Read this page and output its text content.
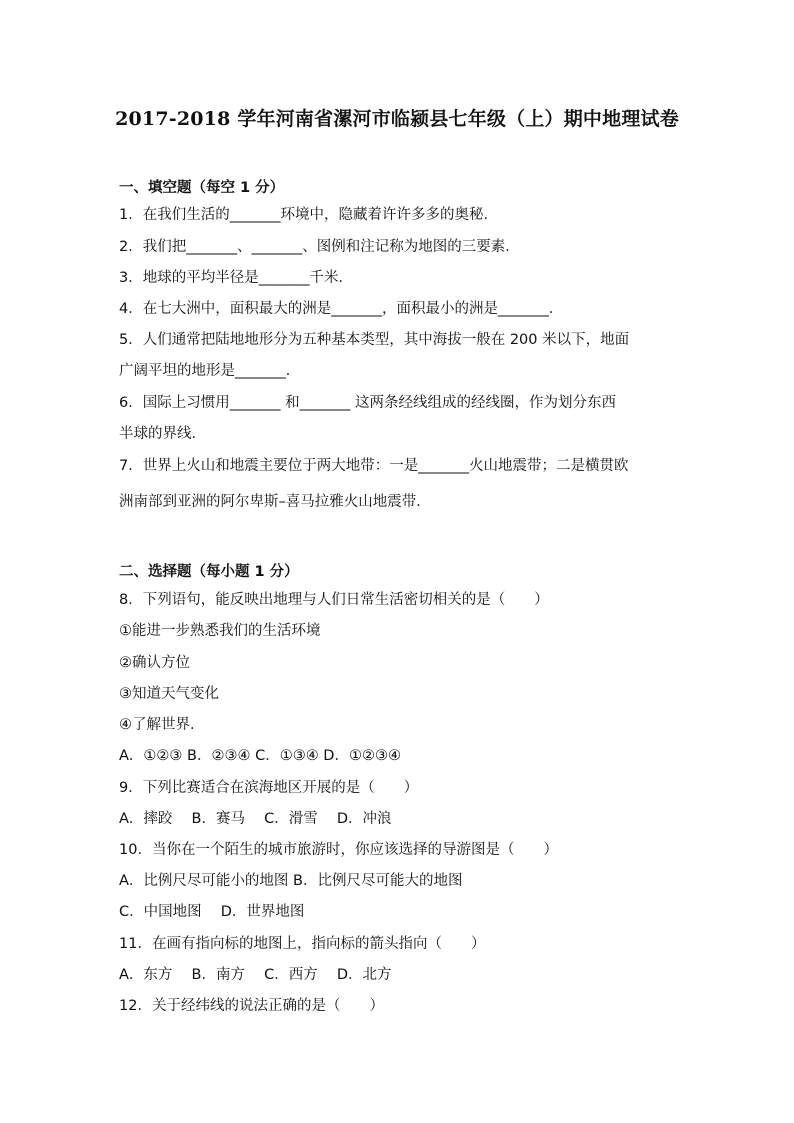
2017-2018 学年河南省漯河市临颍县七年级（上）期中地理试卷
一、填空题（每空 1 分）
1．在我们生活的_______环境中，隐藏着许许多多的奥秘．
2．我们把_______、_______、图例和注记称为地图的三要素．
3．地球的平均半径是_______千米．
4．在七大洲中，面积最大的洲是_______，面积最小的洲是_______．
5．人们通常把陆地地形分为五种基本类型，其中海拔一般在 200 米以下，地面
广阔平坦的地形是_______．
6．国际上习惯用_______ 和_______ 这两条经线组成的经线圈，作为划分东西
半球的界线．
7．世界上火山和地震主要位于两大地带：一是_______火山地震带；二是横贯欧
洲南部到亚洲的阿尔卑斯–喜马拉雅火山地震带．
二、选择题（每小题 1 分）
8．下列语句，能反映出地理与人们日常生活密切相关的是（　　）
①能进一步熟悉我们的生活环境
②确认方位
③知道天气变化
④了解世界．
A．①②③ B．②③④ C．①③④ D．①②③④
9．下列比赛适合在滨海地区开展的是（　　）
A．摔跤　 B．赛马　 C．滑雪　 D．冲浪
10．当你在一个陌生的城市旅游时，你应该选择的导游图是（　　）
A．比例尺尽可能小的地图 B．比例尺尽可能大的地图
C．中国地图　 D．世界地图
11．在画有指向标的地图上，指向标的箭头指向（　　）
A．东方　 B．南方　 C．西方　 D．北方
12．关于经纬线的说法正确的是（　　）
